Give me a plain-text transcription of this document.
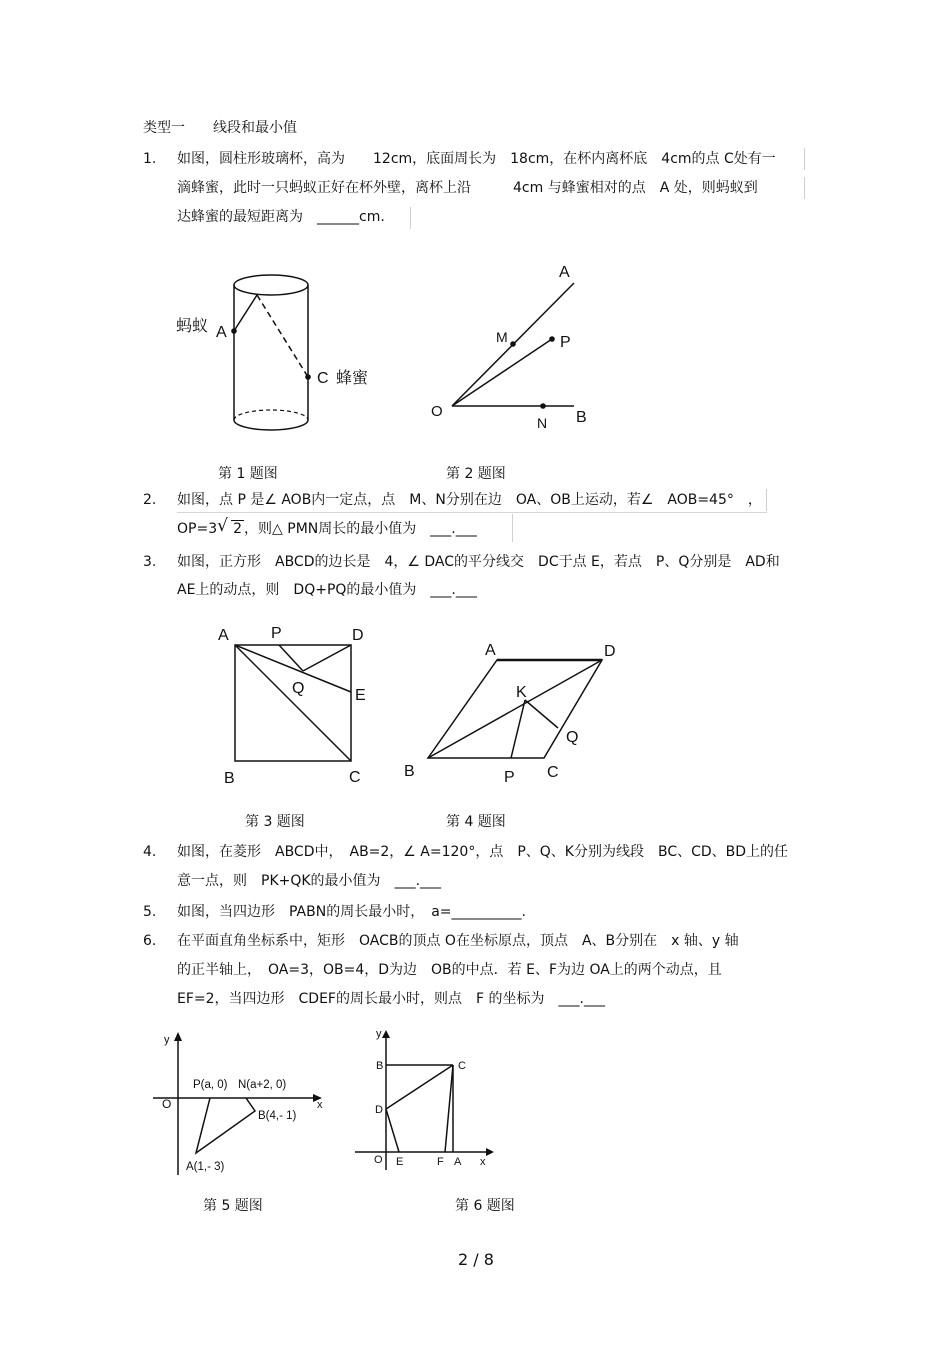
类型一　　线段和最小值
1. 如图，圆柱形玻璃杯，高为　　12cm，底面周长为　18cm，在杯内离杯底　4cm的点 C处有一
滴蜂蜜，此时一只蚂蚁正好在杯外壁，离杯上沿　　　4cm 与蜂蜜相对的点　A 处，则蚂蚁到
达蜂蜜的最短距离为　______cm.
蚂蚁 A
C 蜂蜜
第 1 题图
A
M	P
O
N B
第 2 题图
2. 如图，点 P 是∠ AOB内一定点，点　M、N分别在边　OA、OB上运动，若∠　AOB=45°　，
OP=3 √ 2 ，则△ PMN周长的最小值为　___.___
3. 如图，正方形　ABCD的边长是　4，∠ DAC的平分线交　DC于点 E，若点　P、Q分别是　AD和
AE上的动点，则　DQ+PQ的最小值为　___.___
A	P	D
Q	E
B	C
第 3 题图
A	D
K
Q
B	P C
第 4 题图
4. 如图，在菱形　ABCD中，　AB=2，∠ A=120°，点　P、Q、K分别为线段　BC、CD、BD上的任
意一点，则　PK+QK的最小值为　___.___
5. 如图，当四边形　PABN的周长最小时，　a=__________.
6. 在平面直角坐标系中，矩形　OACB的顶点 O在坐标原点，顶点　A、B分别在　x 轴、y 轴
的正半轴上，　OA=3，OB=4，D为边　OB的中点．若 E、F为边 OA上的两个动点，且
EF=2，当四边形　CDEF的周长最小时，则点　F 的坐标为　___.___
y
x
O
P(a, 0) N(a+2, 0)
B(4,- 1)
A(1,- 3)
第 5 题图
y
x
O
B	C
D
E	F A
第 6 题图
2 / 8
